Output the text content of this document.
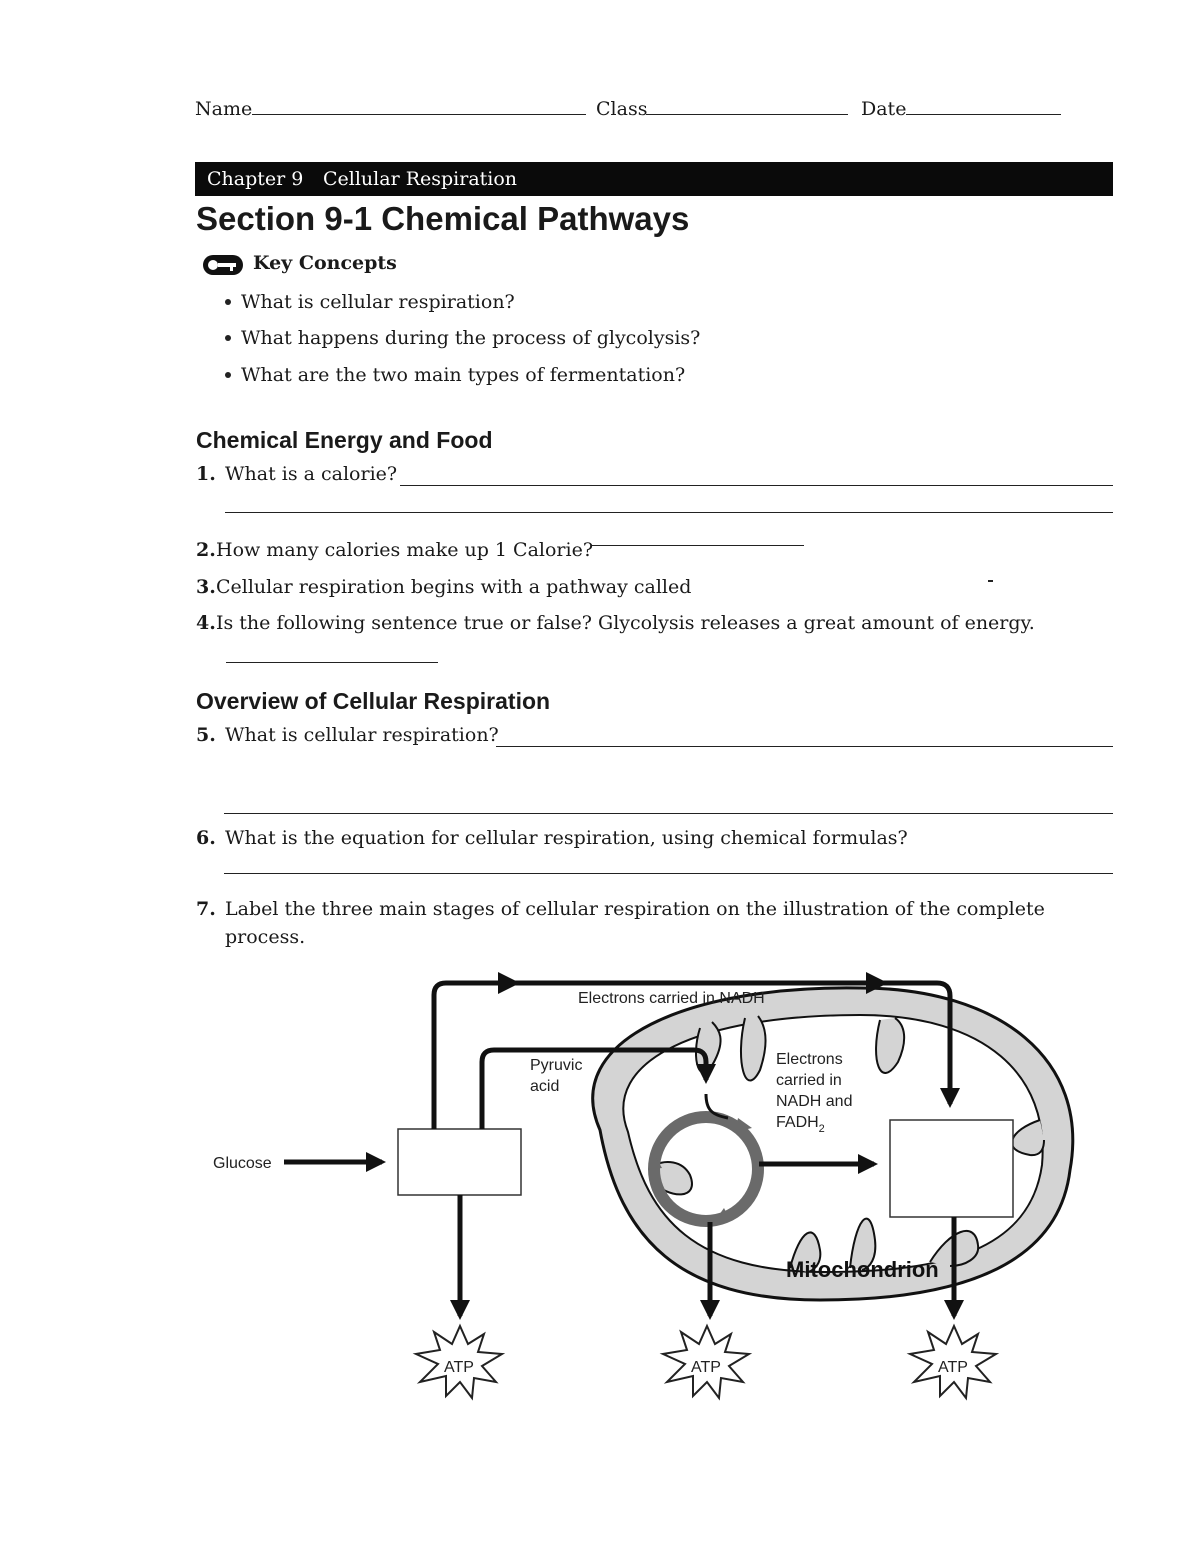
Name	Class	Date
Chapter 9 Cellular Respiration
Section 9-1 Chemical Pathways
Key Concepts
What is cellular respiration?
What happens during the process of glycolysis?
What are the two main types of fermentation?
Chemical Energy and Food
1. What is a calorie?
2. How many calories make up 1 Calorie?
3. Cellular respiration begins with a pathway called
4. Is the following sentence true or false? Glycolysis releases a great amount of energy.
Overview of Cellular Respiration
5. What is cellular respiration?
6. What is the equation for cellular respiration, using chemical formulas?
7. Label the three main stages of cellular respiration on the illustration of the complete
process.
Electrons carried in NADH
Pyruvic
acid
Electrons
carried in
NADH and
$FADH_2$
Glucose
Mitochondrion
ATP	ATP	ATP
